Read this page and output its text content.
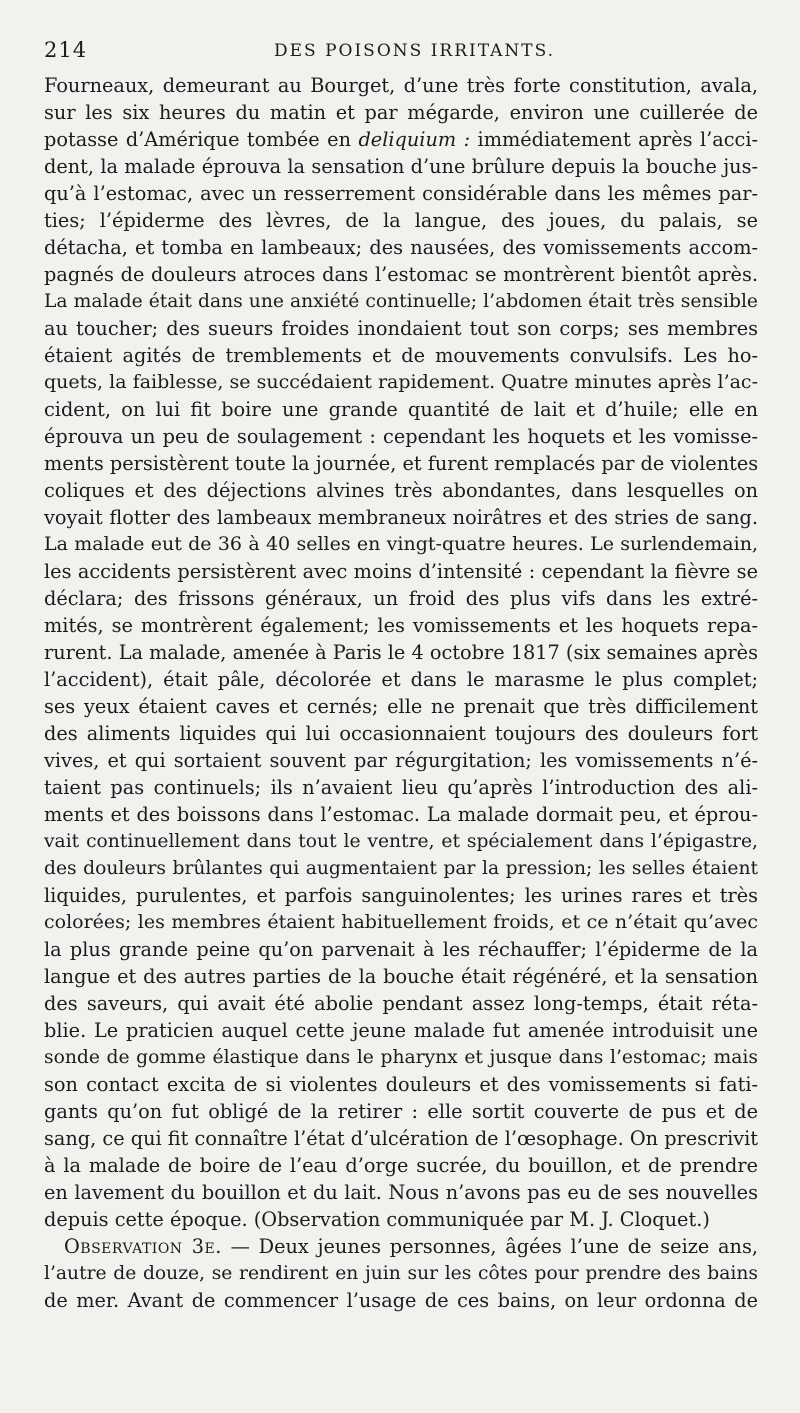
214	DES POISONS IRRITANTS.
Fourneaux, demeurant au Bourget, d’une très forte constitution, avala,
sur les six heures du matin et par mégarde, environ une cuillerée de
potasse d’Amérique tombée en deliquium : immédiatement après l’acci-
dent, la malade éprouva la sensation d’une brûlure depuis la bouche jus-
qu’à l’estomac, avec un resserrement considérable dans les mêmes par-
ties; l’épiderme des lèvres, de la langue, des joues, du palais, se
détacha, et tomba en lambeaux; des nausées, des vomissements accom-
pagnés de douleurs atroces dans l’estomac se montrèrent bientôt après.
La malade était dans une anxiété continuelle; l’abdomen était très sensible
au toucher; des sueurs froides inondaient tout son corps; ses membres
étaient agités de tremblements et de mouvements convulsifs. Les ho-
quets, la faiblesse, se succédaient rapidement. Quatre minutes après l’ac-
cident, on lui fit boire une grande quantité de lait et d’huile; elle en
éprouva un peu de soulagement : cependant les hoquets et les vomisse-
ments persistèrent toute la journée, et furent remplacés par de violentes
coliques et des déjections alvines très abondantes, dans lesquelles on
voyait flotter des lambeaux membraneux noirâtres et des stries de sang.
La malade eut de 36 à 40 selles en vingt-quatre heures. Le surlendemain,
les accidents persistèrent avec moins d’intensité : cependant la fièvre se
déclara; des frissons généraux, un froid des plus vifs dans les extré-
mités, se montrèrent également; les vomissements et les hoquets repa-
rurent. La malade, amenée à Paris le 4 octobre 1817 (six semaines après
l’accident), était pâle, décolorée et dans le marasme le plus complet;
ses yeux étaient caves et cernés; elle ne prenait que très difficilement
des aliments liquides qui lui occasionnaient toujours des douleurs fort
vives, et qui sortaient souvent par régurgitation; les vomissements n’é-
taient pas continuels; ils n’avaient lieu qu’après l’introduction des ali-
ments et des boissons dans l’estomac. La malade dormait peu, et éprou-
vait continuellement dans tout le ventre, et spécialement dans l’épigastre,
des douleurs brûlantes qui augmentaient par la pression; les selles étaient
liquides, purulentes, et parfois sanguinolentes; les urines rares et très
colorées; les membres étaient habituellement froids, et ce n’était qu’avec
la plus grande peine qu’on parvenait à les réchauffer; l’épiderme de la
langue et des autres parties de la bouche était régénéré, et la sensation
des saveurs, qui avait été abolie pendant assez long-temps, était réta-
blie. Le praticien auquel cette jeune malade fut amenée introduisit une
sonde de gomme élastique dans le pharynx et jusque dans l’estomac; mais
son contact excita de si violentes douleurs et des vomissements si fati-
gants qu’on fut obligé de la retirer : elle sortit couverte de pus et de
sang, ce qui fit connaître l’état d’ulcération de l’œsophage. On prescrivit
à la malade de boire de l’eau d’orge sucrée, du bouillon, et de prendre
en lavement du bouillon et du lait. Nous n’avons pas eu de ses nouvelles
depuis cette époque. (Observation communiquée par M. J. Cloquet.)
Observation 3e. — Deux jeunes personnes, âgées l’une de seize ans,
l’autre de douze, se rendirent en juin sur les côtes pour prendre des bains
de mer. Avant de commencer l’usage de ces bains, on leur ordonna de
